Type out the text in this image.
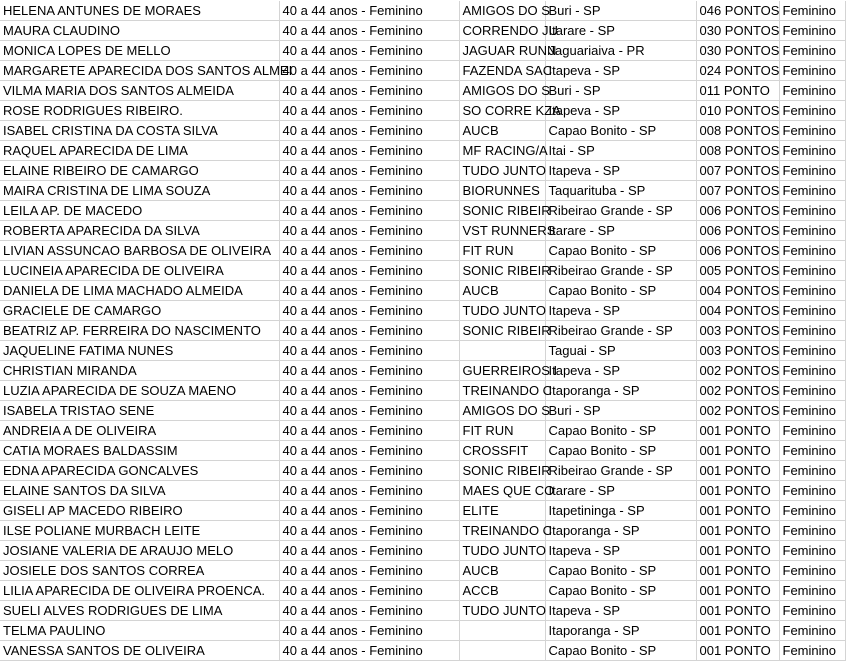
HELENA ANTUNES DE MORAES	40 a 44 anos - Feminino	AMIGOS DO S	Buri - SP	046 PONTOS	Feminino
MAURA CLAUDINO	40 a 44 anos - Feminino	CORRENDO JU	Itarare - SP	030 PONTOS	Feminino
MONICA LOPES DE MELLO	40 a 44 anos - Feminino	JAGUAR RUNN	Jaguariaiva - PR	030 PONTOS	Feminino
MARGARETE APARECIDA DOS SANTOS ALMEI	40 a 44 anos - Feminino	FAZENDA SAC	Itapeva - SP	024 PONTOS	Feminino
VILMA MARIA DOS SANTOS ALMEIDA	40 a 44 anos - Feminino	AMIGOS DO S	Buri - SP	011 PONTO	Feminino
ROSE RODRIGUES RIBEIRO.	40 a 44 anos - Feminino	SO CORRE KZA	Itapeva - SP	010 PONTOS	Feminino
ISABEL CRISTINA DA COSTA SILVA	40 a 44 anos - Feminino	AUCB	Capao Bonito - SP	008 PONTOS	Feminino
RAQUEL APARECIDA DE LIMA	40 a 44 anos - Feminino	MF RACING/A	Itai - SP	008 PONTOS	Feminino
ELAINE RIBEIRO DE CAMARGO	40 a 44 anos - Feminino	TUDO JUNTO	Itapeva - SP	007 PONTOS	Feminino
MAIRA CRISTINA DE LIMA SOUZA	40 a 44 anos - Feminino	BIORUNNES	Taquarituba - SP	007 PONTOS	Feminino
LEILA AP. DE MACEDO	40 a 44 anos - Feminino	SONIC RIBEIR	Ribeirao Grande - SP	006 PONTOS	Feminino
ROBERTA APARECIDA DA SILVA	40 a 44 anos - Feminino	VST RUNNERS	Itarare - SP	006 PONTOS	Feminino
LIVIAN ASSUNCAO BARBOSA DE OLIVEIRA	40 a 44 anos - Feminino	FIT RUN	Capao Bonito - SP	006 PONTOS	Feminino
LUCINEIA APARECIDA DE OLIVEIRA	40 a 44 anos - Feminino	SONIC RIBEIR	Ribeirao Grande - SP	005 PONTOS	Feminino
DANIELA DE LIMA MACHADO ALMEIDA	40 a 44 anos - Feminino	AUCB	Capao Bonito - SP	004 PONTOS	Feminino
GRACIELE DE CAMARGO	40 a 44 anos - Feminino	TUDO JUNTO	Itapeva - SP	004 PONTOS	Feminino
BEATRIZ AP. FERREIRA DO NASCIMENTO	40 a 44 anos - Feminino	SONIC RIBEIR	Ribeirao Grande - SP	003 PONTOS	Feminino
JAQUELINE FATIMA NUNES	40 a 44 anos - Feminino		Taguai - SP	003 PONTOS	Feminino
CHRISTIAN MIRANDA	40 a 44 anos - Feminino	GUERREIROS I	Itapeva - SP	002 PONTOS	Feminino
LUZIA APARECIDA DE SOUZA MAENO	40 a 44 anos - Feminino	TREINANDO C	Itaporanga - SP	002 PONTOS	Feminino
ISABELA TRISTAO SENE	40 a 44 anos - Feminino	AMIGOS DO S	Buri - SP	002 PONTOS	Feminino
ANDREIA A DE OLIVEIRA	40 a 44 anos - Feminino	FIT RUN	Capao Bonito - SP	001 PONTO	Feminino
CATIA MORAES BALDASSIM	40 a 44 anos - Feminino	CROSSFIT	Capao Bonito - SP	001 PONTO	Feminino
EDNA APARECIDA GONCALVES	40 a 44 anos - Feminino	SONIC RIBEIR	Ribeirao Grande - SP	001 PONTO	Feminino
ELAINE SANTOS DA SILVA	40 a 44 anos - Feminino	MAES QUE CO	Itarare - SP	001 PONTO	Feminino
GISELI AP MACEDO RIBEIRO	40 a 44 anos - Feminino	ELITE	Itapetininga - SP	001 PONTO	Feminino
ILSE POLIANE MURBACH LEITE	40 a 44 anos - Feminino	TREINANDO C	Itaporanga - SP	001 PONTO	Feminino
JOSIANE VALERIA DE ARAUJO MELO	40 a 44 anos - Feminino	TUDO JUNTO	Itapeva - SP	001 PONTO	Feminino
JOSIELE DOS SANTOS CORREA	40 a 44 anos - Feminino	AUCB	Capao Bonito - SP	001 PONTO	Feminino
LILIA APARECIDA DE OLIVEIRA PROENCA.	40 a 44 anos - Feminino	ACCB	Capao Bonito - SP	001 PONTO	Feminino
SUELI ALVES RODRIGUES DE LIMA	40 a 44 anos - Feminino	TUDO JUNTO	Itapeva - SP	001 PONTO	Feminino
TELMA PAULINO	40 a 44 anos - Feminino		Itaporanga - SP	001 PONTO	Feminino
VANESSA SANTOS DE OLIVEIRA	40 a 44 anos - Feminino		Capao Bonito - SP	001 PONTO	Feminino
